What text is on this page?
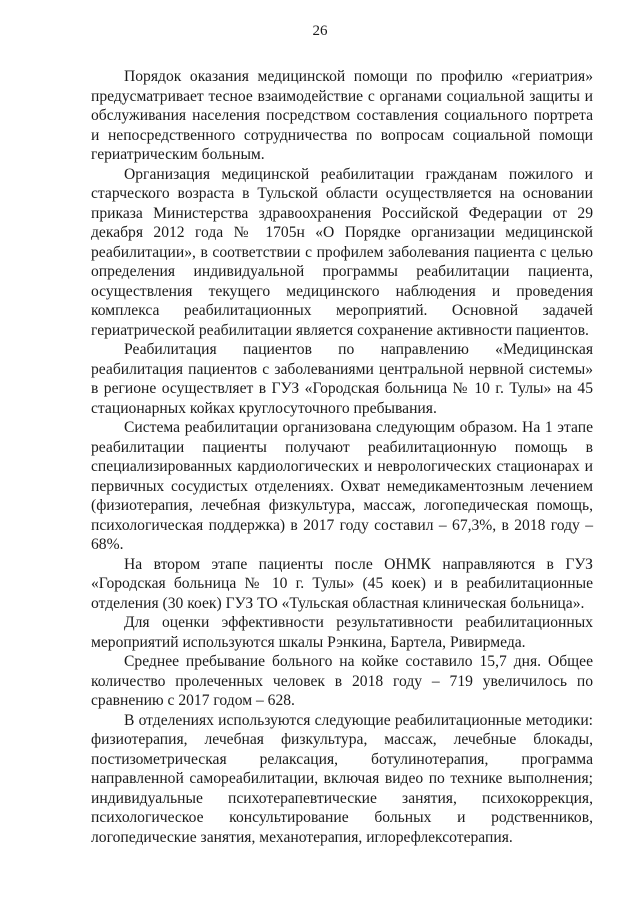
26

Порядок оказания медицинской помощи по профилю «гериатрия» предусматривает тесное взаимодействие с органами социальной защиты и обслуживания населения посредством составления социального портрета и непосредственного сотрудничества по вопросам социальной помощи гериатрическим больным.

Организация медицинской реабилитации гражданам пожилого и старческого возраста в Тульской области осуществляется на основании приказа Министерства здравоохранения Российской Федерации от 29 декабря 2012 года № 1705н «О Порядке организации медицинской реабилитации», в соответствии с профилем заболевания пациента с целью определения индивидуальной программы реабилитации пациента, осуществления текущего медицинского наблюдения и проведения комплекса реабилитационных мероприятий. Основной задачей гериатрической реабилитации является сохранение активности пациентов.

Реабилитация пациентов по направлению «Медицинская реабилитация пациентов с заболеваниями центральной нервной системы» в регионе осуществляет в ГУЗ «Городская больница № 10 г. Тулы» на 45 стационарных койках круглосуточного пребывания.

Система реабилитации организована следующим образом. На 1 этапе реабилитации пациенты получают реабилитационную помощь в специализированных кардиологических и неврологических стационарах и первичных сосудистых отделениях. Охват немедикаментозным лечением (физиотерапия, лечебная физкультура, массаж, логопедическая помощь, психологическая поддержка) в 2017 году составил – 67,3%, в 2018 году – 68%.

На втором этапе пациенты после ОНМК направляются в ГУЗ «Городская больница № 10 г. Тулы» (45 коек) и в реабилитационные отделения (30 коек) ГУЗ ТО «Тульская областная клиническая больница».

Для оценки эффективности результативности реабилитационных мероприятий используются шкалы Рэнкина, Бартела, Ривирмеда.

Среднее пребывание больного на койке составило 15,7 дня. Общее количество пролеченных человек в 2018 году – 719 увеличилось по сравнению с 2017 годом – 628.

В отделениях используются следующие реабилитационные методики: физиотерапия, лечебная физкультура, массаж, лечебные блокады, постизометрическая релаксация, ботулинотерапия, программа направленной самореабилитации, включая видео по технике выполнения; индивидуальные психотерапевтические занятия, психокоррекция, психологическое консультирование больных и родственников, логопедические занятия, механотерапия, иглорефлексотерапия.
